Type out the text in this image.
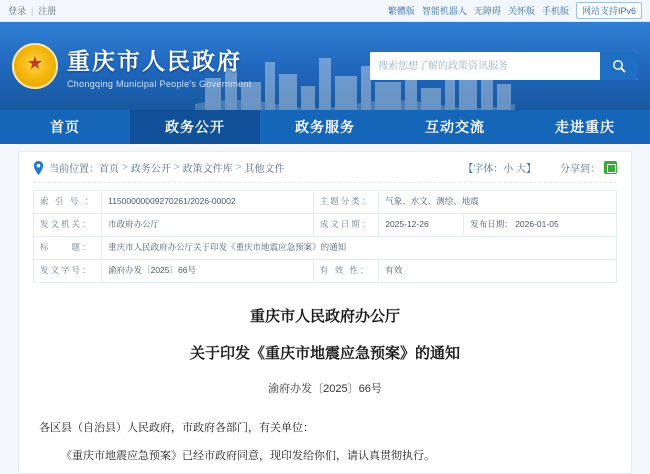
登录 | 注册	繁體版 智能机器人 无障碍 关怀版 手机版	网站支持IPv6
★ 重庆市人民政府
Chongqing Municipal People's Government
搜索您想了解的政策资讯服务
首页	政务公开	政务服务	互动交流	走进重庆
当前位置： 首页 > 政务公开 > 政策文件库 > 其他文件	【字体：小 大】 分享到：
索 引 号 ：	11500000009270261/2026-00002	主题分类：	气象、水文、测绘、地震	
发文机关：	市政府办公厅	成文日期：	2025-12-26	发布日期： 2026-01-05
标　　题：	重庆市人民政府办公厅关于印发《重庆市地震应急预案》的通知			
发文字号：	渝府办发〔2025〕66号	有 效 性：	有效	
重庆市人民政府办公厅
关于印发《重庆市地震应急预案》的通知
渝府办发〔2025〕66号
各区县（自治县）人民政府，市政府各部门，有关单位：
《重庆市地震应急预案》已经市政府同意，现印发给你们，请认真贯彻执行。
